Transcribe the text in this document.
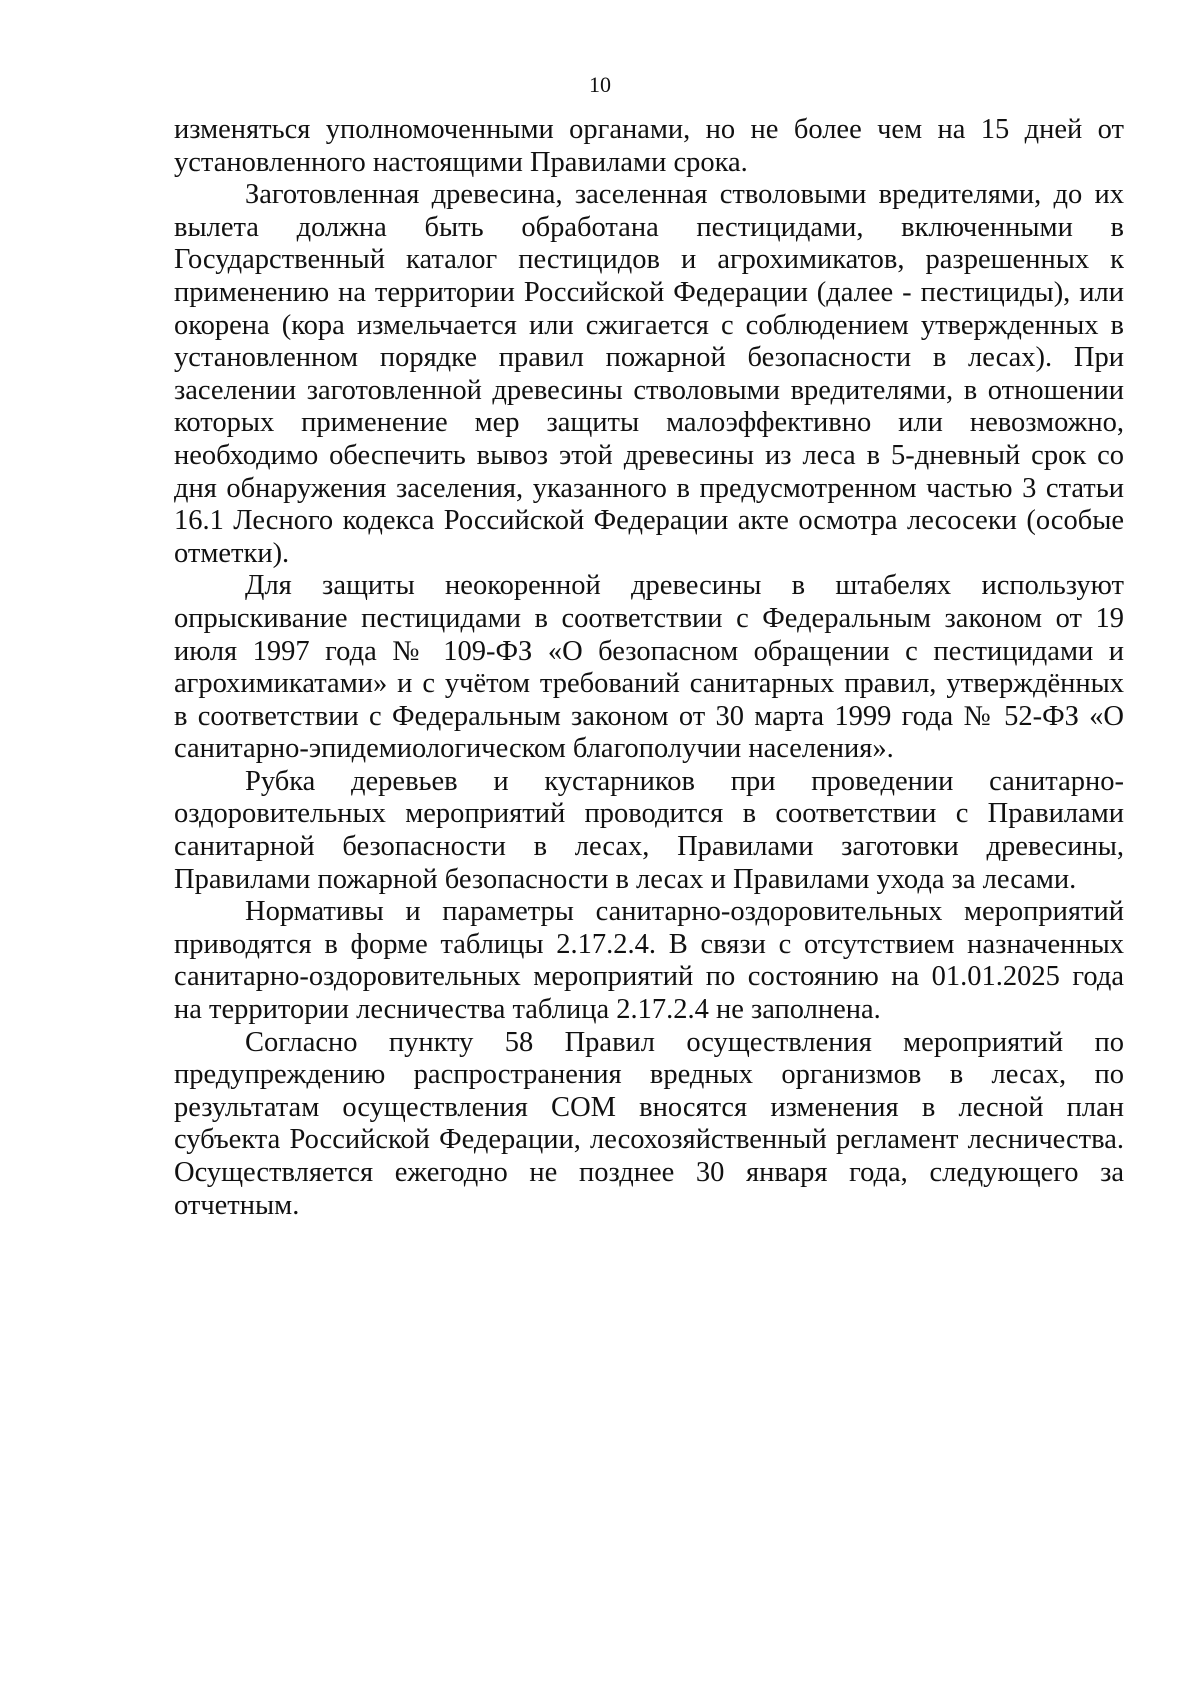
10

изменяться уполномоченными органами, но не более чем на 15 дней от установленного настоящими Правилами срока.

Заготовленная древесина, заселенная стволовыми вредителями, до их вылета должна быть обработана пестицидами, включенными в Государственный каталог пестицидов и агрохимикатов, разрешенных к применению на территории Российской Федерации (далее - пестициды), или окорена (кора измельчается или сжигается с соблюдением утвержденных в установленном порядке правил пожарной безопасности в лесах). При заселении заготовленной древесины стволовыми вредителями, в отношении которых применение мер защиты малоэффективно или невозможно, необходимо обеспечить вывоз этой древесины из леса в 5-дневный срок со дня обнаружения заселения, указанного в предусмотренном частью 3 статьи 16.1 Лесного кодекса Российской Федерации акте осмотра лесосеки (особые отметки).

Для защиты неокоренной древесины в штабелях используют опрыскивание пестицидами в соответствии с Федеральным законом от 19 июля 1997 года № 109-ФЗ «О безопасном обращении с пестицидами и агрохимикатами» и с учётом требований санитарных правил, утверждённых в соответствии с Федеральным законом от 30 марта 1999 года № 52-ФЗ «О санитарно-эпидемиологическом благополучии населения».

Рубка деревьев и кустарников при проведении санитарно-оздоровительных мероприятий проводится в соответствии с Правилами санитарной безопасности в лесах, Правилами заготовки древесины, Правилами пожарной безопасности в лесах и Правилами ухода за лесами.

Нормативы и параметры санитарно-оздоровительных мероприятий приводятся в форме таблицы 2.17.2.4. В связи с отсутствием назначенных санитарно-оздоровительных мероприятий по состоянию на 01.01.2025 года на территории лесничества таблица 2.17.2.4 не заполнена.

Согласно пункту 58 Правил осуществления мероприятий по предупреждению распространения вредных организмов в лесах, по результатам осуществления СОМ вносятся изменения в лесной план субъекта Российской Федерации, лесохозяйственный регламент лесничества. Осуществляется ежегодно не позднее 30 января года, следующего за отчетным.
